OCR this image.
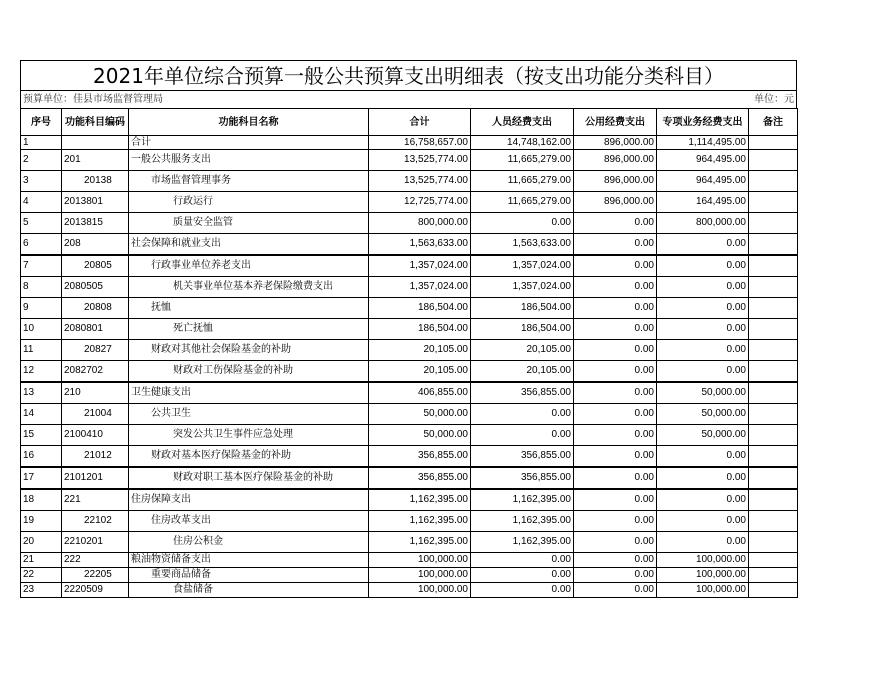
2021年单位综合预算一般公共预算支出明细表（按支出功能分类科目）
预算单位：佳县市场监督管理局	单位：元
序号	功能科目编码	功能科目名称	合计	人员经费支出	公用经费支出	专项业务经费支出	备注
1		合计	16,758,657.00	14,748,162.00	896,000.00	1,114,495.00	
2	201	一般公共服务支出	13,525,774.00	11,665,279.00	896,000.00	964,495.00	
3	20138	市场监督管理事务	13,525,774.00	11,665,279.00	896,000.00	964,495.00	
4	2013801	行政运行	12,725,774.00	11,665,279.00	896,000.00	164,495.00	
5	2013815	质量安全监管	800,000.00	0.00	0.00	800,000.00	
6	208	社会保障和就业支出	1,563,633.00	1,563,633.00	0.00	0.00	
7	20805	行政事业单位养老支出	1,357,024.00	1,357,024.00	0.00	0.00	
8	2080505	机关事业单位基本养老保险缴费支出	1,357,024.00	1,357,024.00	0.00	0.00	
9	20808	抚恤	186,504.00	186,504.00	0.00	0.00	
10	2080801	死亡抚恤	186,504.00	186,504.00	0.00	0.00	
11	20827	财政对其他社会保险基金的补助	20,105.00	20,105.00	0.00	0.00	
12	2082702	财政对工伤保险基金的补助	20,105.00	20,105.00	0.00	0.00	
13	210	卫生健康支出	406,855.00	356,855.00	0.00	50,000.00	
14	21004	公共卫生	50,000.00	0.00	0.00	50,000.00	
15	2100410	突发公共卫生事件应急处理	50,000.00	0.00	0.00	50,000.00	
16	21012	财政对基本医疗保险基金的补助	356,855.00	356,855.00	0.00	0.00	
17	2101201	财政对职工基本医疗保险基金的补助	356,855.00	356,855.00	0.00	0.00	
18	221	住房保障支出	1,162,395.00	1,162,395.00	0.00	0.00	
19	22102	住房改革支出	1,162,395.00	1,162,395.00	0.00	0.00	
20	2210201	住房公积金	1,162,395.00	1,162,395.00	0.00	0.00	
21	222	粮油物资储备支出	100,000.00	0.00	0.00	100,000.00	
22	22205	重要商品储备	100,000.00	0.00	0.00	100,000.00	
23	2220509	食盐储备	100,000.00	0.00	0.00	100,000.00	
